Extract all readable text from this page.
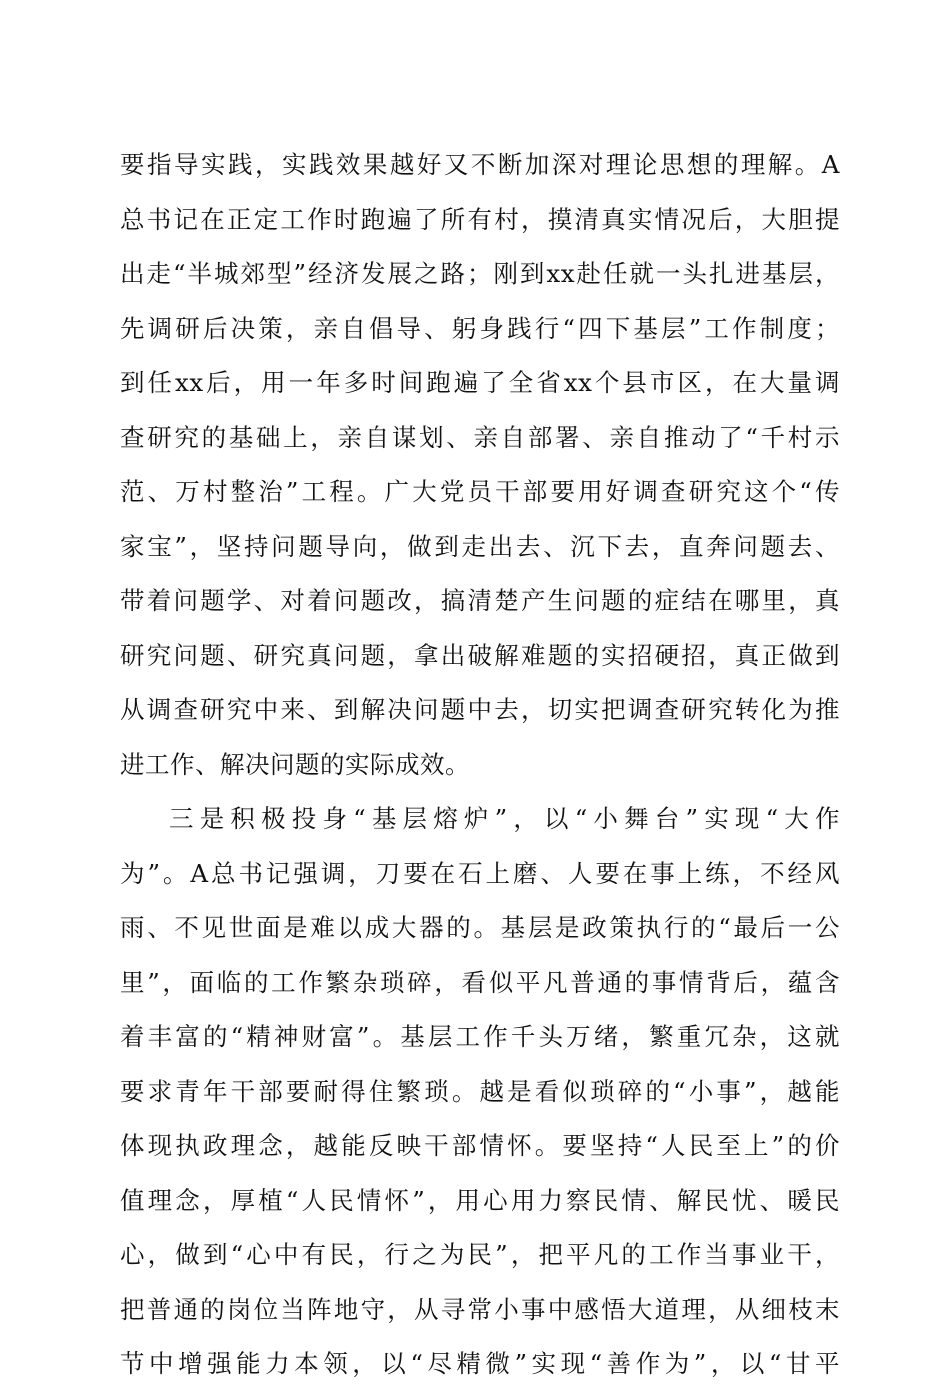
要指导实践，实践效果越好又不断加深对理论思想的理解。A
总书记在正定工作时跑遍了所有村，摸清真实情况后，大胆提
出走“半城郊型”经济发展之路；刚到xx赴任就一头扎进基层，
先调研后决策，亲自倡导、躬身践行“四下基层”工作制度；
到任xx后，用一年多时间跑遍了全省xx个县市区，在大量调
查研究的基础上，亲自谋划、亲自部署、亲自推动了“千村示
范、万村整治”工程。广大党员干部要用好调查研究这个“传
家宝”，坚持问题导向，做到走出去、沉下去，直奔问题去、
带着问题学、对着问题改，搞清楚产生问题的症结在哪里，真
研究问题、研究真问题，拿出破解难题的实招硬招，真正做到
从调查研究中来、到解决问题中去，切实把调查研究转化为推
进工作、解决问题的实际成效。
三是积极投身“基层熔炉”，以“小舞台”实现“大作
为”。A总书记强调，刀要在石上磨、人要在事上练，不经风
雨、不见世面是难以成大器的。基层是政策执行的“最后一公
里”，面临的工作繁杂琐碎，看似平凡普通的事情背后，蕴含
着丰富的“精神财富”。基层工作千头万绪，繁重冗杂，这就
要求青年干部要耐得住繁琐。越是看似琐碎的“小事”，越能
体现执政理念，越能反映干部情怀。要坚持“人民至上”的价
值理念，厚植“人民情怀”，用心用力察民情、解民忧、暖民
心，做到“心中有民，行之为民”，把平凡的工作当事业干，
把普通的岗位当阵地守，从寻常小事中感悟大道理，从细枝末
节中增强能力本领，以“尽精微”实现“善作为”，以“甘平
